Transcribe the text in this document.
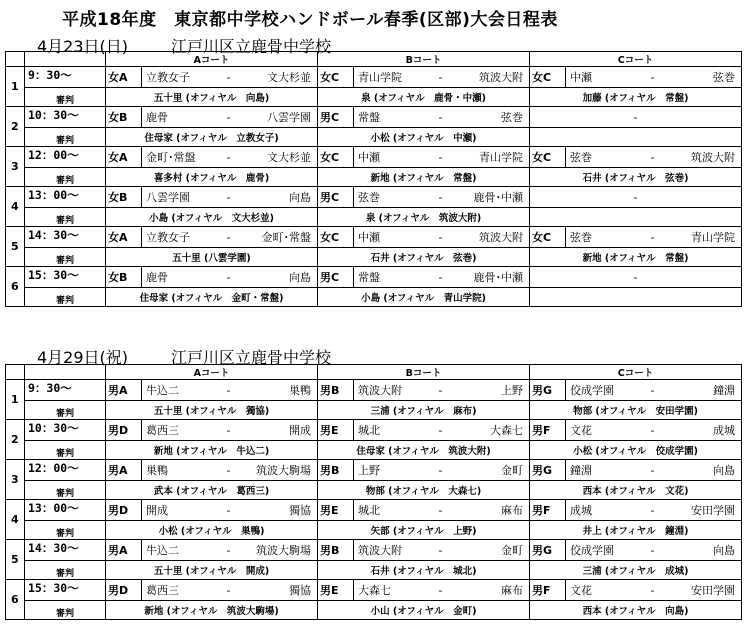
平成18年度　東京都中学校ハンドボール春季(区部)大会日程表
4月23日(日)	江戸川区立鹿骨中学校
		Aコート	Bコート	Cコート
1	9：30～	女A 立教女子 - 文大杉並	女C 青山学院 - 筑波大附	女C 中瀬 - 弦巻

	審判	五十里 (オフィヤル　向島)	泉 (オフィヤル　鹿骨・中瀬)	加藤 (オフィヤル　常盤)
2	10：30～	女B 鹿骨 - 八雲学園	男C 常盤 - 弦巻	-

	審判	住母家 (オフィヤル　立教女子)	小松 (オフィヤル　中瀬)	
3	12：00～	女A 金町･常盤 - 文大杉並	女C 中瀬 - 青山学院	女C 弦巻 - 筑波大附

	審判	喜多村 (オフィヤル　鹿骨)	新地 (オフィヤル　常盤)	石井 (オフィヤル　弦巻)
4	13：00～	女B 八雲学園 - 向島	男C 弦巻 - 鹿骨･中瀬	-

	審判	小島 (オフィヤル　文大杉並)	泉 (オフィヤル　筑波大附)	
5	14：30～	女A 立教女子 - 金町･常盤	女C 中瀬 - 筑波大附	女C 弦巻 - 青山学院

	審判	五十里 (八雲学園)	石井 (オフィヤル　弦巻)	新地 (オフィヤル　常盤)
6	15：30～	女B 鹿骨 - 向島	男C 常盤 - 鹿骨･中瀬	-

	審判	住母家 (オフィヤル　金町・常盤)	小島 (オフィヤル　青山学院)	
4月29日(祝)	江戸川区立鹿骨中学校
		Aコート	Bコート	Cコート
1	9：30～	男A 牛込二 - 巣鴨	男B 筑波大附 - 上野	男G 佼成学園 - 鐘淵

	審判	五十里 (オフィヤル　獨協)	三浦 (オフィヤル　麻布)	物部 (オフィヤル　安田学園)
2	10：30～	男D 葛西三 - 開成	男E 城北 - 大森七	男F 文花 - 成城

	審判	新地 (オフィヤル　牛込二)	住母家 (オフィヤル　筑波大附)	小松 (オフィヤル　佼成学園)
3	12：00～	男A 巣鴨 - 筑波大駒場	男B 上野 - 金町	男G 鐘淵 - 向島

	審判	武本 (オフィヤル　葛西三)	物部 (オフィヤル　大森七)	西本 (オフィヤル　文花)
4	13：00～	男D 開成 - 獨協	男E 城北 - 麻布	男F 成城 - 安田学園

	審判	小松 (オフィヤル　巣鴨)	矢部 (オフィヤル　上野)	井上 (オフィヤル　鐘淵)
5	14：30～	男A 牛込二 - 筑波大駒場	男B 筑波大附 - 金町	男G 佼成学園 - 向島

	審判	五十里 (オフィヤル　開成)	石井 (オフィヤル　城北)	三浦 (オフィヤル　成城)
6	15：30～	男D 葛西三 - 獨協	男E 大森七 - 麻布	男F 文花 - 安田学園

	審判	新地 (オフィヤル　筑波大駒場)	小山 (オフィヤル　金町)	西本 (オフィヤル　向島)
